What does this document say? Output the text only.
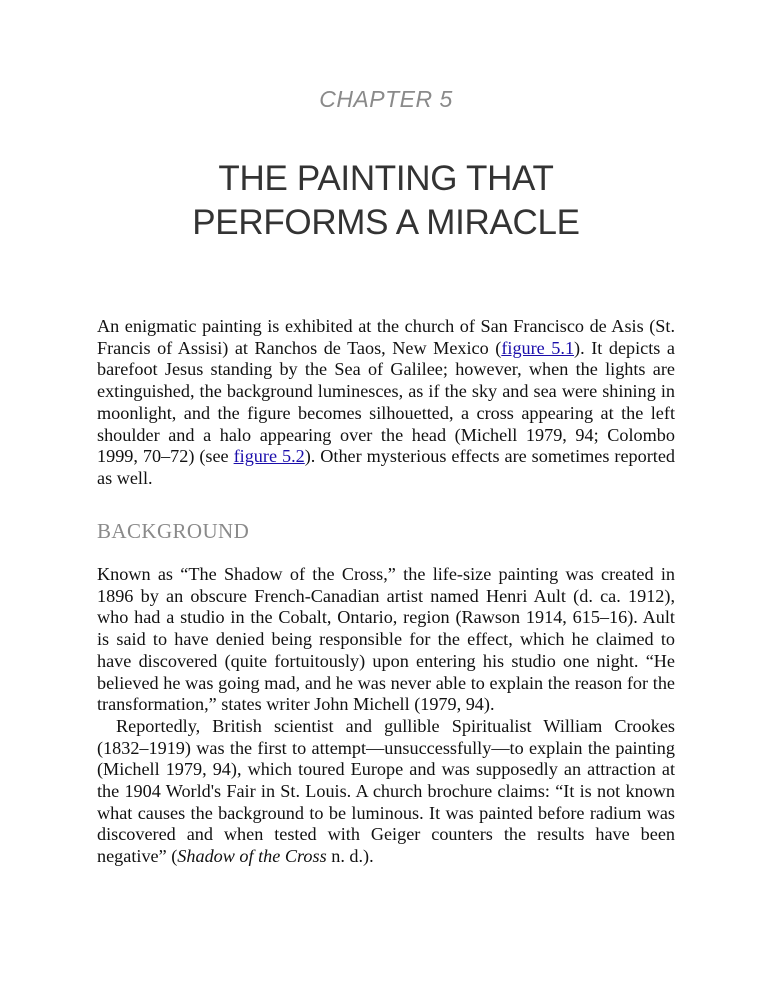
CHAPTER 5
THE PAINTING THAT
PERFORMS A MIRACLE

An enigmatic painting is exhibited at the church of San Francisco de Asis (St. Francis of Assisi) at Ranchos de Taos, New Mexico (figure 5.1). It depicts a barefoot Jesus standing by the Sea of Galilee; however, when the lights are extinguished, the background luminesces, as if the sky and sea were shining in moonlight, and the figure becomes silhouetted, a cross appearing at the left shoulder and a halo appearing over the head (Michell 1979, 94; Colombo 1999, 70–72) (see figure 5.2). Other mysterious effects are sometimes reported as well.

BACKGROUND

Known as “The Shadow of the Cross,” the life-size painting was created in 1896 by an obscure French-Canadian artist named Henri Ault (d. ca. 1912), who had a studio in the Cobalt, Ontario, region (Rawson 1914, 615–16). Ault is said to have denied being responsible for the effect, which he claimed to have discovered (quite fortuitously) upon entering his studio one night. “He believed he was going mad, and he was never able to explain the reason for the transformation,” states writer John Michell (1979, 94).

Reportedly, British scientist and gullible Spiritualist William Crookes (1832–1919) was the first to attempt—unsuccessfully—to explain the painting (Michell 1979, 94), which toured Europe and was supposedly an attraction at the 1904 World's Fair in St. Louis. A church brochure claims: “It is not known what causes the background to be luminous. It was painted before radium was discovered and when tested with Geiger counters the results have been negative” (Shadow of the Cross n. d.).
